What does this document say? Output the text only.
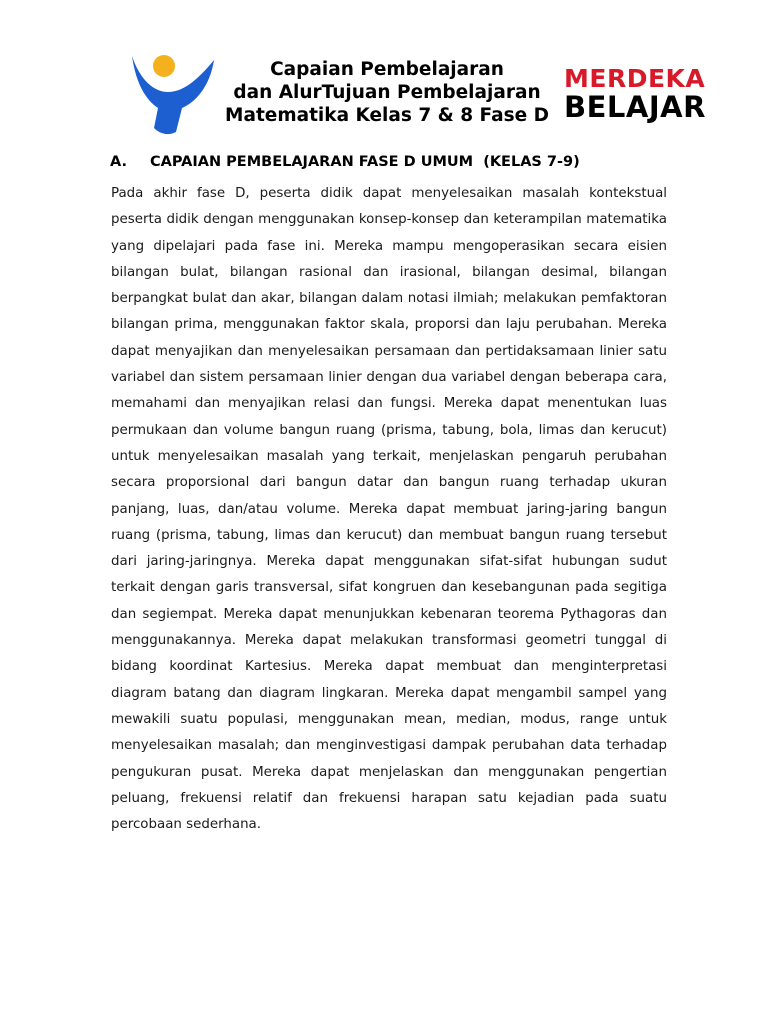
Capaian Pembelajaran
dan AlurTujuan Pembelajaran
Matematika Kelas 7 & 8 Fase D
MERDEKA
BELAJAR
A. CAPAIAN PEMBELAJARAN FASE D UMUM  (KELAS 7-9)
Pada akhir fase D, peserta didik dapat menyelesaikan masalah kontekstual peserta didik dengan menggunakan konsep-konsep dan keterampilan matematika yang dipelajari pada fase ini. Mereka mampu mengoperasikan secara eisien bilangan bulat, bilangan rasional dan irasional, bilangan desimal, bilangan berpangkat bulat dan akar, bilangan dalam notasi ilmiah; melakukan pemfaktoran bilangan prima, menggunakan faktor skala, proporsi dan laju perubahan. Mereka dapat menyajikan dan menyelesaikan persamaan dan pertidaksamaan linier satu variabel dan sistem persamaan linier dengan dua variabel dengan beberapa cara, memahami dan menyajikan relasi dan fungsi. Mereka dapat menentukan luas permukaan dan volume bangun ruang (prisma, tabung, bola, limas dan kerucut) untuk menyelesaikan masalah yang terkait, menjelaskan pengaruh perubahan secara proporsional dari bangun datar dan bangun ruang terhadap ukuran panjang, luas, dan/atau volume. Mereka dapat membuat jaring-jaring bangun ruang (prisma, tabung, limas dan kerucut) dan membuat bangun ruang tersebut dari jaring-jaringnya. Mereka dapat menggunakan sifat-sifat hubungan sudut terkait dengan garis transversal, sifat kongruen dan kesebangunan pada segitiga dan segiempat. Mereka dapat menunjukkan kebenaran teorema Pythagoras dan menggunakannya. Mereka dapat melakukan transformasi geometri tunggal di bidang koordinat Kartesius. Mereka dapat membuat dan menginterpretasi diagram batang dan diagram lingkaran. Mereka dapat mengambil sampel yang mewakili suatu populasi, menggunakan mean, median, modus, range untuk menyelesaikan masalah; dan menginvestigasi dampak perubahan data terhadap pengukuran pusat. Mereka dapat menjelaskan dan menggunakan pengertian peluang, frekuensi relatif dan frekuensi harapan satu kejadian pada suatu percobaan sederhana.
